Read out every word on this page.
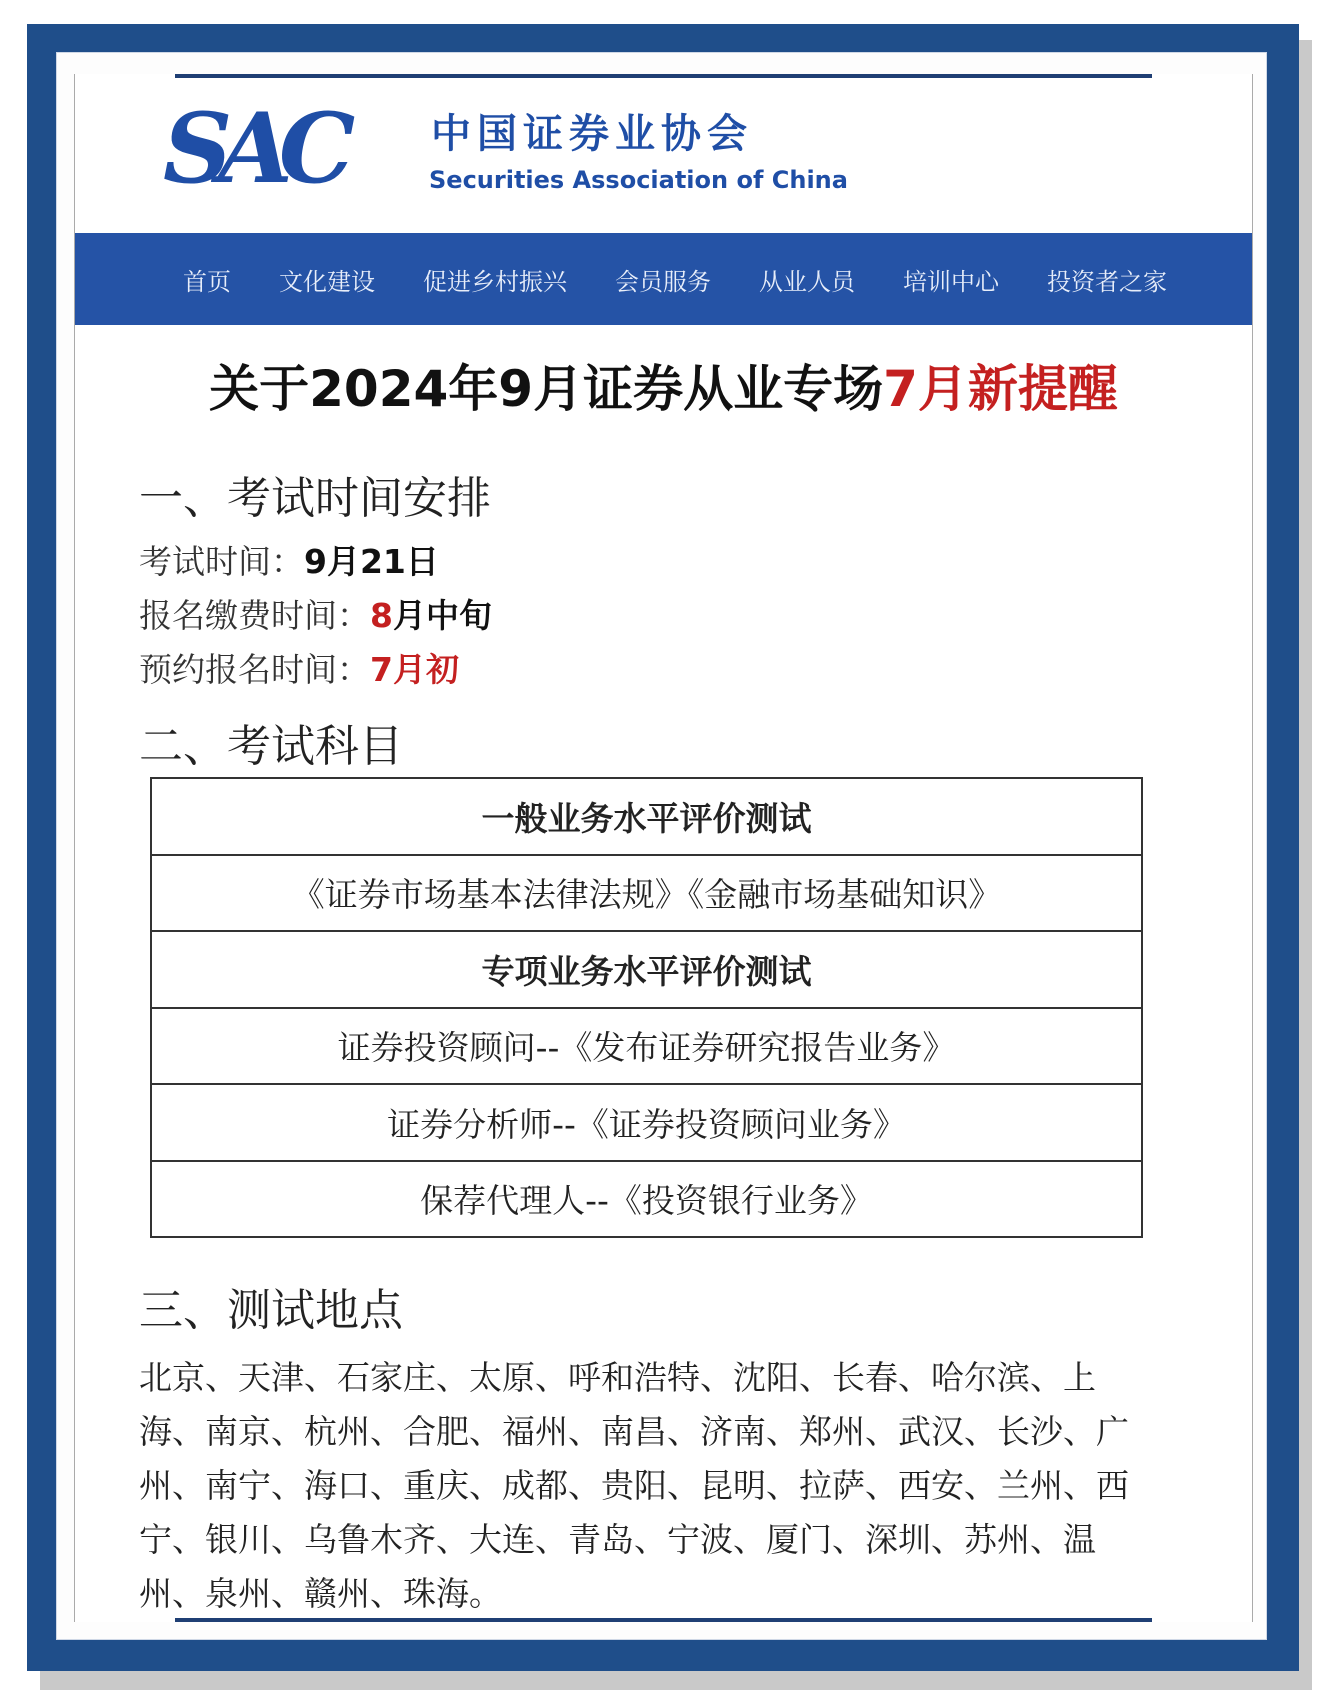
SAC	中国证券业协会
Securities Association of China
首页 文化建设 促进乡村振兴 会员服务 从业人员 培训中心 投资者之家
关于2024年9月证券从业专场7月新提醒
一、考试时间安排
考试时间：9月21日
报名缴费时间：8月中旬
预约报名时间：7月初
二、考试科目
一般业务水平评价测试
《证券市场基本法律法规》《金融市场基础知识》
专项业务水平评价测试
证券投资顾问--《发布证券研究报告业务》
证券分析师--《证券投资顾问业务》
保荐代理人--《投资银行业务》
三、测试地点
北京、天津、石家庄、太原、呼和浩特、沈阳、长春、哈尔滨、上海、南京、杭州、合肥、福州、南昌、济南、郑州、武汉、长沙、广州、南宁、海口、重庆、成都、贵阳、昆明、拉萨、西安、兰州、西宁、银川、乌鲁木齐、大连、青岛、宁波、厦门、深圳、苏州、温州、泉州、赣州、珠海。
